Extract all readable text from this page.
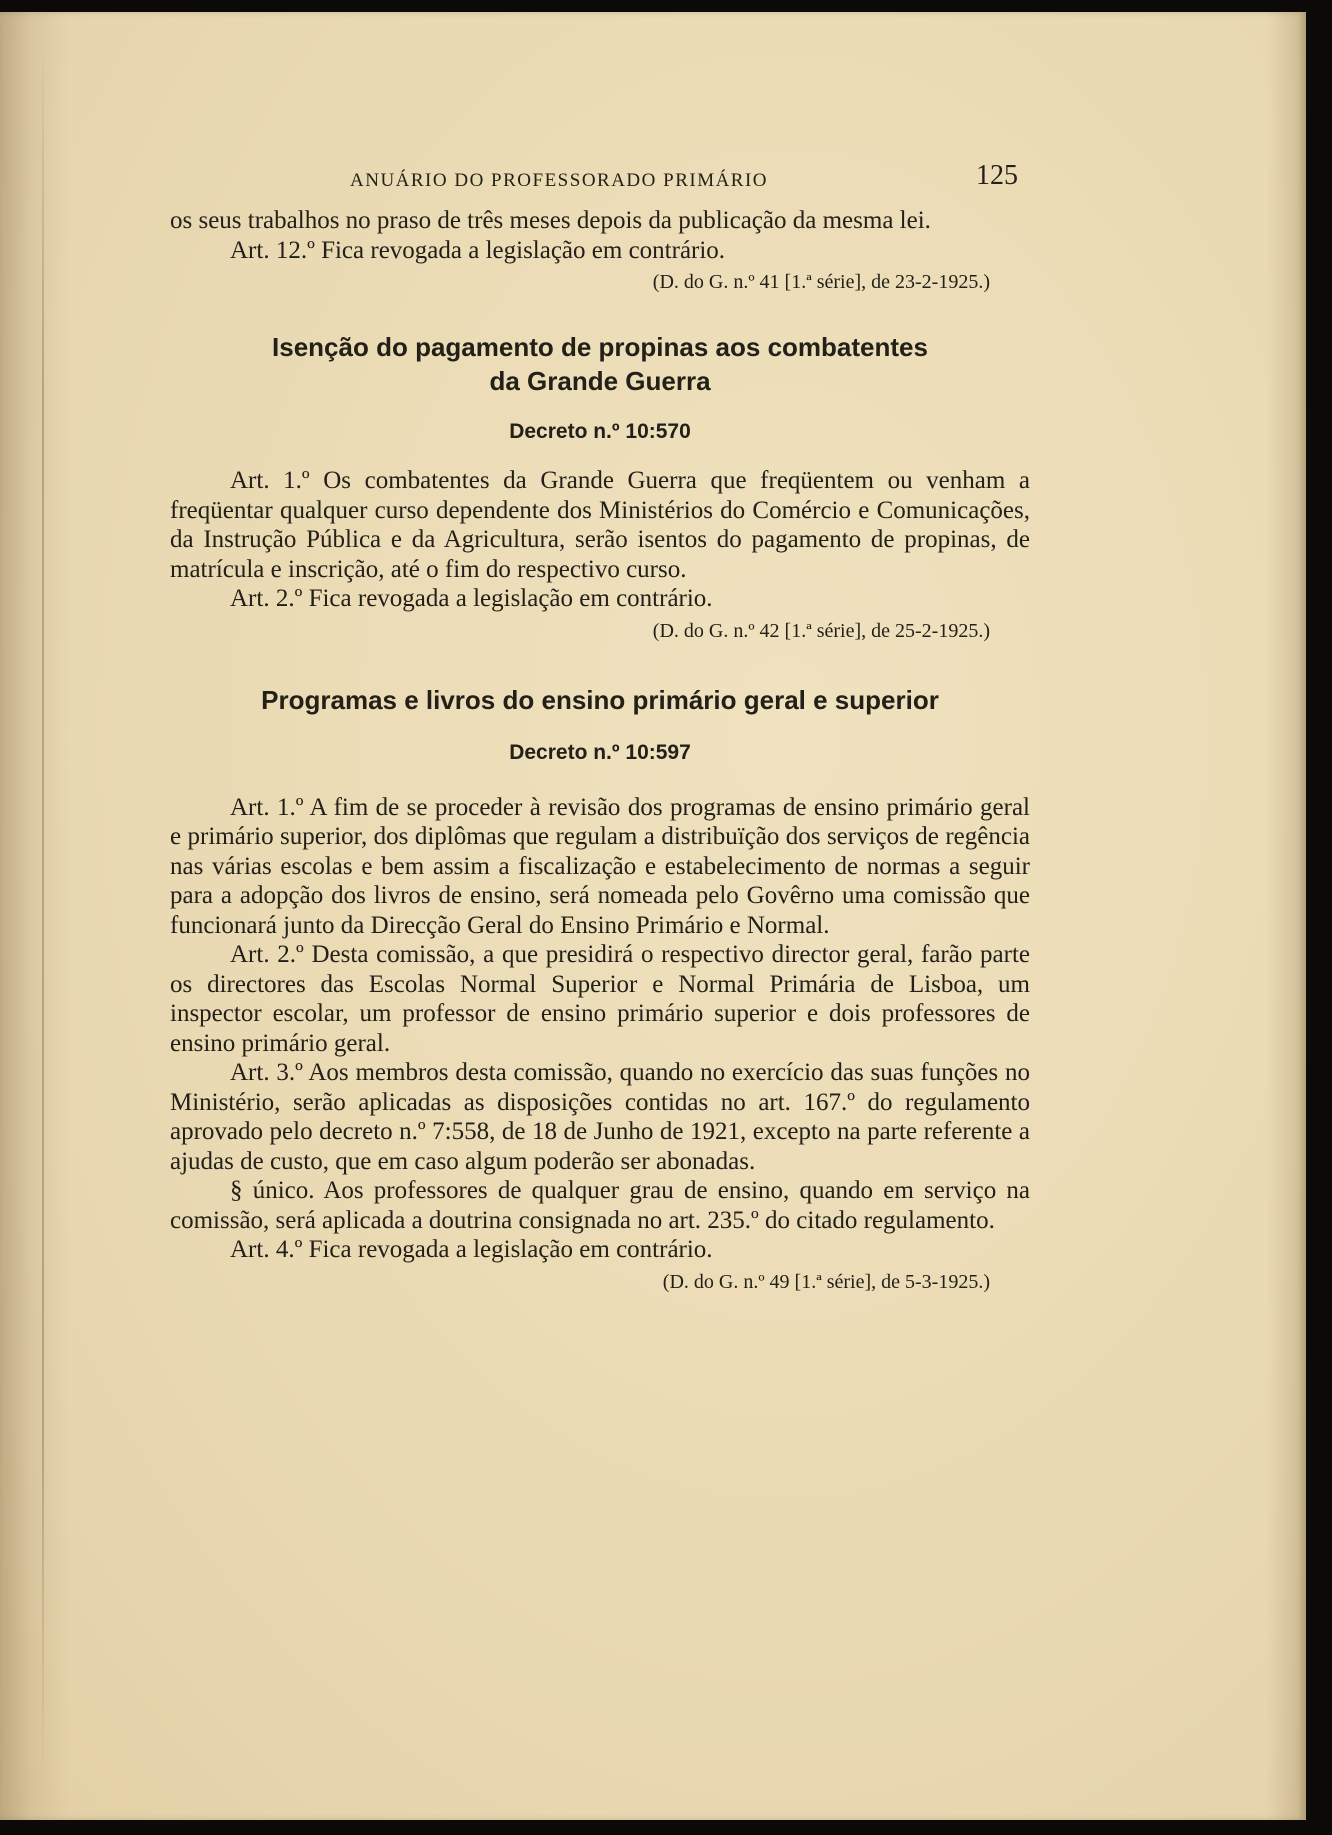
ANUÁRIO DO PROFESSORADO PRIMÁRIO	125

os seus trabalhos no praso de três meses depois da publicação da mesma lei.

Art. 12.º Fica revogada a legislação em contrário.

(D. do G. n.º 41 [1.ª série], de 23-2-1925.)

Isenção do pagamento de propinas aos combatentes

da Grande Guerra

Decreto n.º 10:570

Art. 1.º Os combatentes da Grande Guerra que freqüentem ou venham a freqüentar qualquer curso dependente dos Ministérios do Comércio e Comunicações, da Instrução Pública e da Agricultura, serão isentos do pagamento de propinas, de matrícula e inscrição, até o fim do respectivo curso.

Art. 2.º Fica revogada a legislação em contrário.

(D. do G. n.º 42 [1.ª série], de 25-2-1925.)

Programas e livros do ensino primário geral e superior

Decreto n.º 10:597

Art. 1.º A fim de se proceder à revisão dos programas de ensino primário geral e primário superior, dos diplômas que regulam a distribuïção dos serviços de regência nas várias escolas e bem assim a fiscalização e estabelecimento de normas a seguir para a adopção dos livros de ensino, será nomeada pelo Govêrno uma comissão que funcionará junto da Direcção Geral do Ensino Primário e Normal.

Art. 2.º Desta comissão, a que presidirá o respectivo director geral, farão parte os directores das Escolas Normal Superior e Normal Primária de Lisboa, um inspector escolar, um professor de ensino primário superior e dois professores de ensino primário geral.

Art. 3.º Aos membros desta comissão, quando no exercício das suas funções no Ministério, serão aplicadas as disposições contidas no art. 167.º do regulamento aprovado pelo decreto n.º 7:558, de 18 de Junho de 1921, excepto na parte referente a ajudas de custo, que em caso algum poderão ser abonadas.

§ único. Aos professores de qualquer grau de ensino, quando em serviço na comissão, será aplicada a doutrina consignada no art. 235.º do citado regulamento.

Art. 4.º Fica revogada a legislação em contrário.

(D. do G. n.º 49 [1.ª série], de 5-3-1925.)
